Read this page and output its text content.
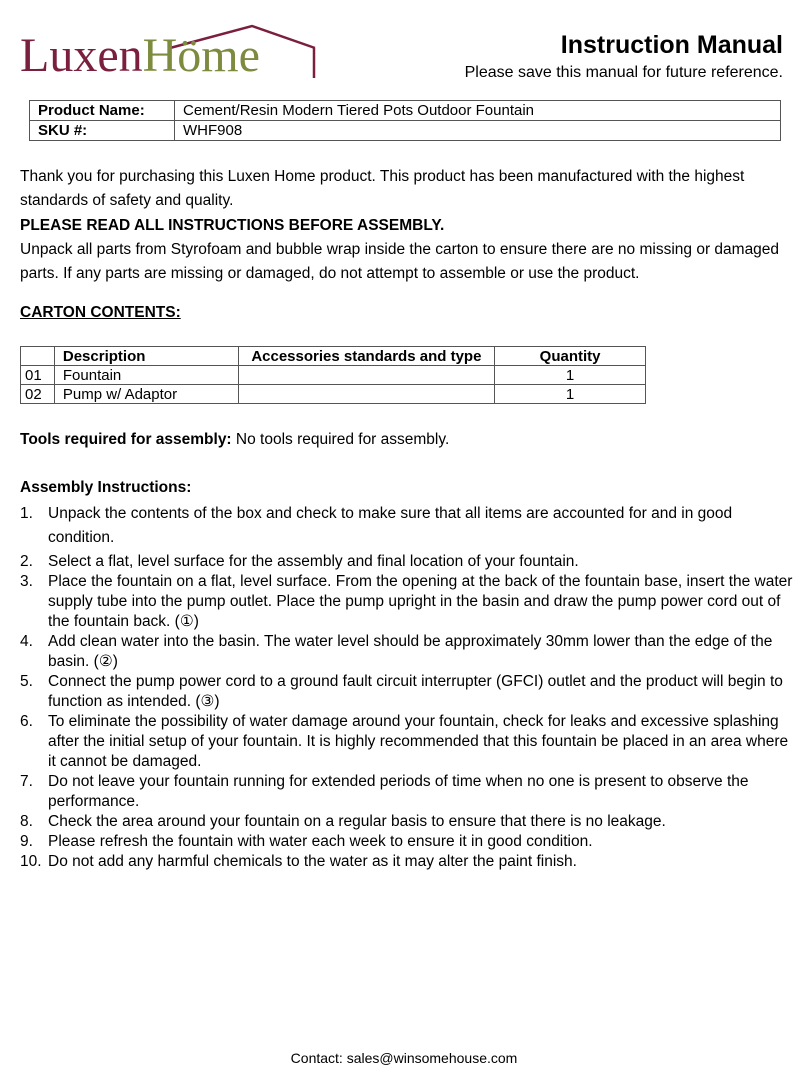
LuxenHöme	Instruction Manual
Please save this manual for future reference.
Product Name:	Cement/Resin Modern Tiered Pots Outdoor Fountain
SKU #:	WHF908
Thank you for purchasing this Luxen Home product. This product has been manufactured with the highest standards of safety and quality.
PLEASE READ ALL INSTRUCTIONS BEFORE ASSEMBLY.
Unpack all parts from Styrofoam and bubble wrap inside the carton to ensure there are no missing or damaged parts. If any parts are missing or damaged, do not attempt to assemble or use the product.
CARTON CONTENTS:
	Description	Accessories standards and type	Quantity
01	Fountain		1
02	Pump w/ Adaptor		1
Tools required for assembly: No tools required for assembly.
Assembly Instructions:
1. Unpack the contents of the box and check to make sure that all items are accounted for and in good condition.
2. Select a flat, level surface for the assembly and final location of your fountain.
3. Place the fountain on a flat, level surface. From the opening at the back of the fountain base, insert the water supply tube into the pump outlet. Place the pump upright in the basin and draw the pump power cord out of the fountain back. (①)
4. Add clean water into the basin. The water level should be approximately 30mm lower than the edge of the basin. (②)
5. Connect the pump power cord to a ground fault circuit interrupter (GFCI) outlet and the product will begin to function as intended. (③)
6. To eliminate the possibility of water damage around your fountain, check for leaks and excessive splashing after the initial setup of your fountain. It is highly recommended that this fountain be placed in an area where it cannot be damaged.
7. Do not leave your fountain running for extended periods of time when no one is present to observe the performance.
8. Check the area around your fountain on a regular basis to ensure that there is no leakage.
9. Please refresh the fountain with water each week to ensure it in good condition.
10. Do not add any harmful chemicals to the water as it may alter the paint finish.
Contact: sales@winsomehouse.com
